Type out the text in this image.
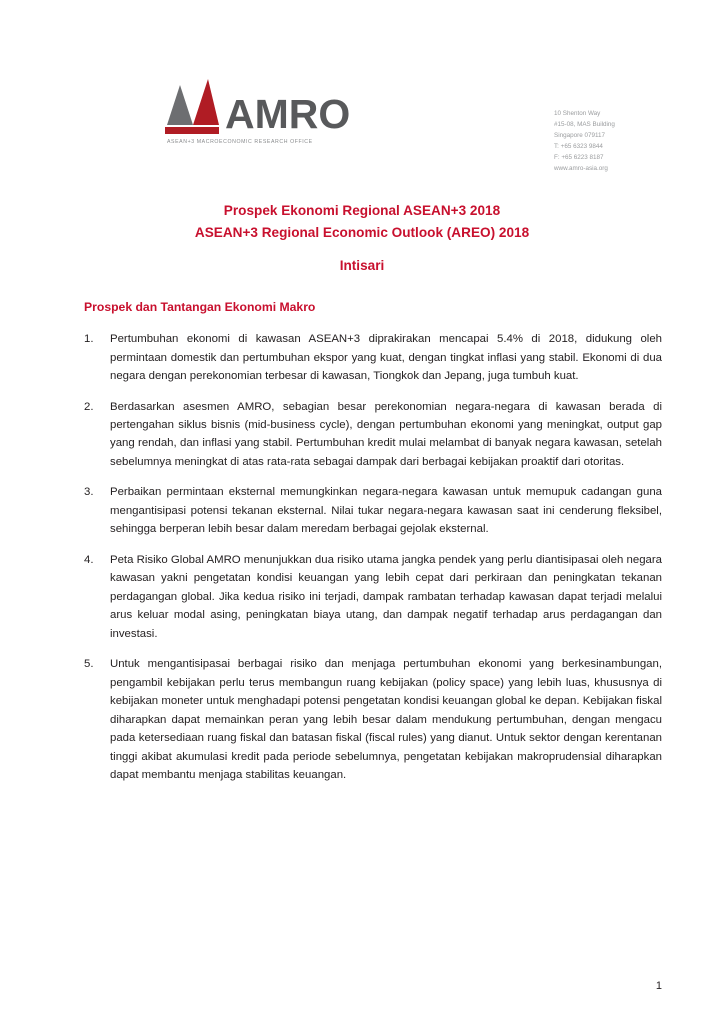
AMRO
ASEAN+3 MACROECONOMIC RESEARCH OFFICE
10 Shenton Way
#15-08, MAS Building
Singapore 079117
T: +65 6323 9844
F: +65 6223 8187
www.amro-asia.org
Prospek Ekonomi Regional ASEAN+3 2018
ASEAN+3 Regional Economic Outlook (AREO) 2018
Intisari
Prospek dan Tantangan Ekonomi Makro
1.	Pertumbuhan ekonomi di kawasan ASEAN+3 diprakirakan mencapai 5.4% di 2018, didukung oleh permintaan domestik dan pertumbuhan ekspor yang kuat, dengan tingkat inflasi yang stabil. Ekonomi di dua negara dengan perekonomian terbesar di kawasan, Tiongkok dan Jepang, juga tumbuh kuat.
2.	Berdasarkan asesmen AMRO, sebagian besar perekonomian negara-negara di kawasan berada di pertengahan siklus bisnis (mid-business cycle), dengan pertumbuhan ekonomi yang meningkat, output gap yang rendah, dan inflasi yang stabil. Pertumbuhan kredit mulai melambat di banyak negara kawasan, setelah sebelumnya meningkat di atas rata-rata sebagai dampak dari berbagai kebijakan proaktif dari otoritas.
3.	Perbaikan permintaan eksternal memungkinkan negara-negara kawasan untuk memupuk cadangan guna mengantisipasi potensi tekanan eksternal. Nilai tukar negara-negara kawasan saat ini cenderung fleksibel, sehingga berperan lebih besar dalam meredam berbagai gejolak eksternal.
4.	Peta Risiko Global AMRO menunjukkan dua risiko utama jangka pendek yang perlu diantisipasai oleh negara kawasan yakni pengetatan kondisi keuangan yang lebih cepat dari perkiraan dan peningkatan tekanan perdagangan global. Jika kedua risiko ini terjadi, dampak rambatan terhadap kawasan dapat terjadi melalui arus keluar modal asing, peningkatan biaya utang, dan dampak negatif terhadap arus perdagangan dan investasi.
5.	Untuk mengantisipasai berbagai risiko dan menjaga pertumbuhan ekonomi yang berkesinambungan, pengambil kebijakan perlu terus membangun ruang kebijakan (policy space) yang lebih luas, khususnya di kebijakan moneter untuk menghadapi potensi pengetatan kondisi keuangan global ke depan. Kebijakan fiskal diharapkan dapat memainkan peran yang lebih besar dalam mendukung pertumbuhan, dengan mengacu pada ketersediaan ruang fiskal dan batasan fiskal (fiscal rules) yang dianut. Untuk sektor dengan kerentanan tinggi akibat akumulasi kredit pada periode sebelumnya, pengetatan kebijakan makroprudensial diharapkan dapat membantu menjaga stabilitas keuangan.
1
